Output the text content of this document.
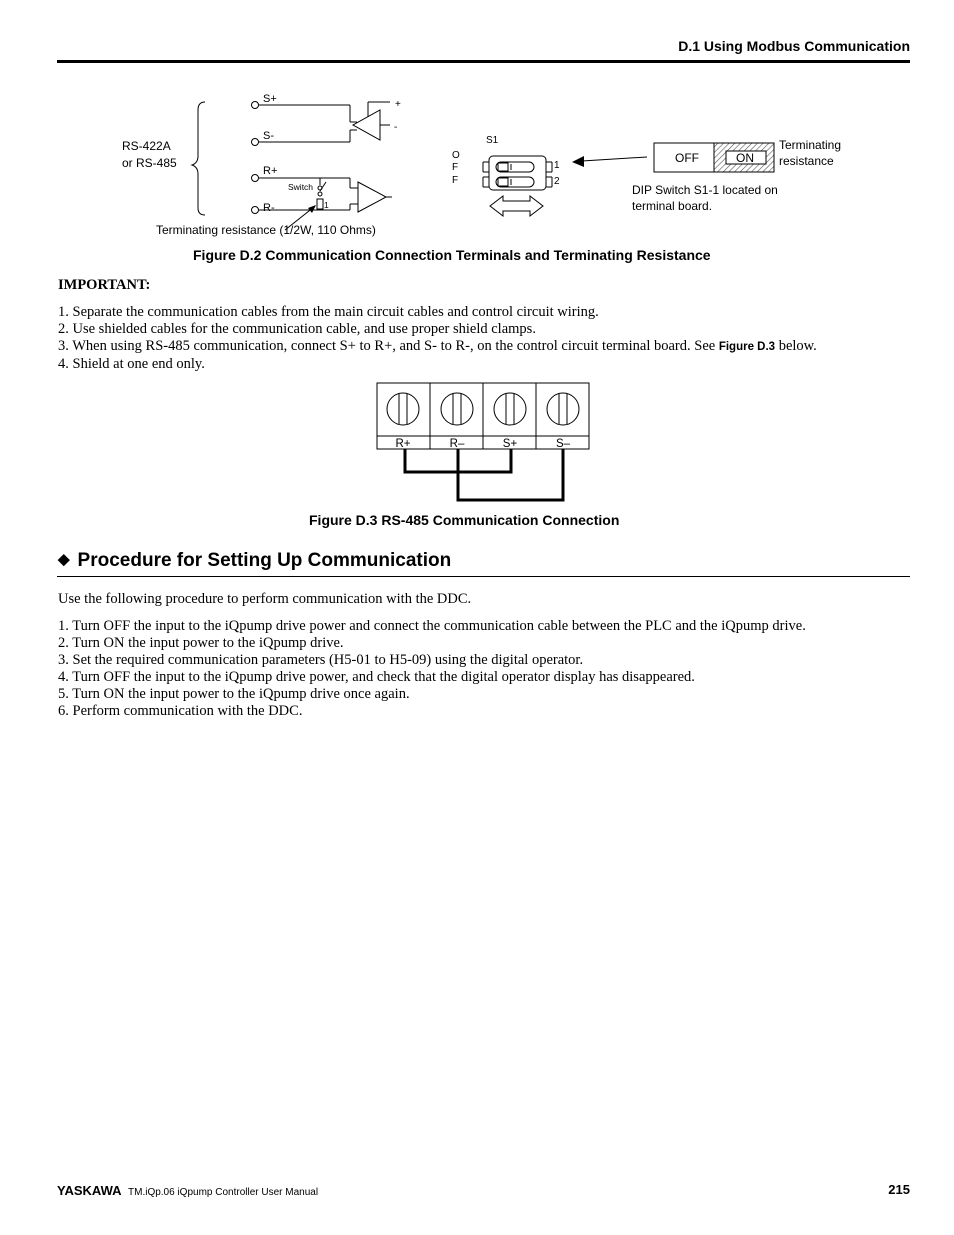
D.1 Using Modbus Communication
S+
S-
R+
R-
RS-422A
or RS-485
+
-
Switch
1
Terminating resistance (1/2W, 110 Ohms)
OFF	ON
Terminating
resistance
DIP Switch S1-1 located on
terminal board.
S1
O
F
F
1
2
Figure D.2 Communication Connection Terminals and Terminating Resistance
IMPORTANT:
1. Separate the communication cables from the main circuit cables and control circuit wiring.
2. Use shielded cables for the communication cable, and use proper shield clamps.
3. When using RS-485 communication, connect S+ to R+, and S- to R-, on the control circuit terminal board. See Figure D.3 below.
4. Shield at one end only.
R+	R–	S+	S–
Figure D.3 RS-485 Communication Connection
◆ Procedure for Setting Up Communication
Use the following procedure to perform communication with the DDC.
1. Turn OFF the input to the iQpump drive power and connect the communication cable between the PLC and the iQpump drive.
2. Turn ON the input power to the iQpump drive.
3. Set the required communication parameters (H5-01 to H5-09) using the digital operator.
4. Turn OFF the input to the iQpump drive power, and check that the digital operator display has disappeared.
5. Turn ON the input power to the iQpump drive once again.
6. Perform communication with the DDC.
YASKAWA TM.iQp.06 iQpump Controller User Manual	215
